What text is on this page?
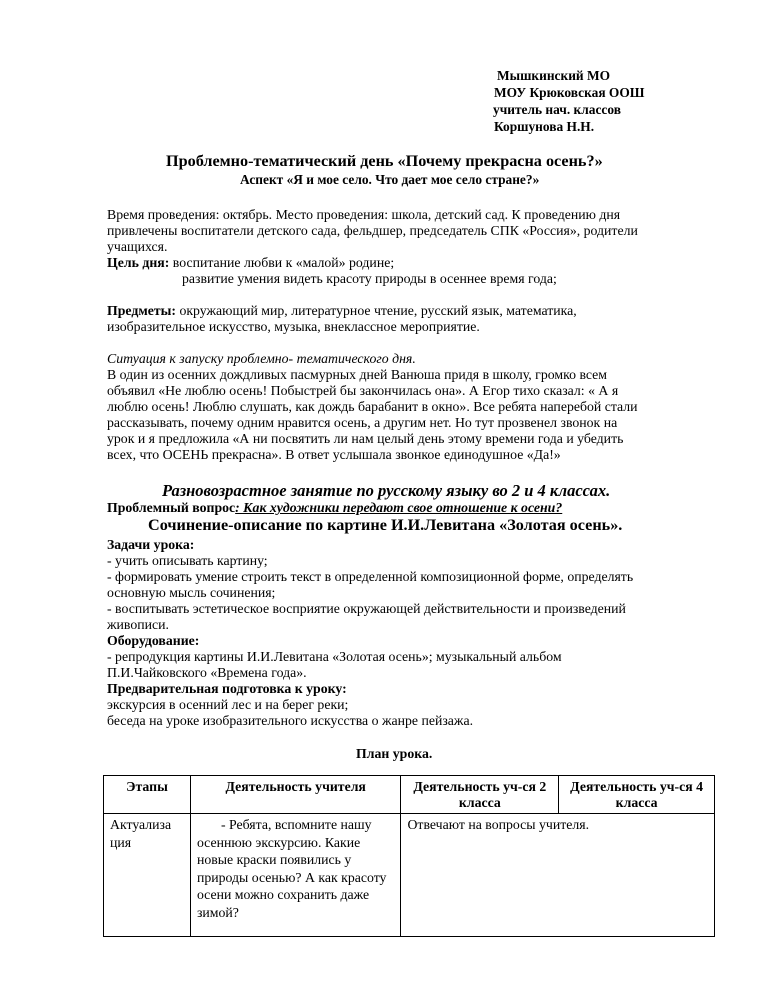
Мышкинский МО
МОУ Крюковская ООШ
учитель нач. классов
Коршунова Н.Н.
Проблемно-тематический день «Почему прекрасна осень?»
Аспект «Я и мое село. Что дает мое село стране?»
Время проведения: октябрь. Место проведения: школа, детский сад. К проведению дня
привлечены воспитатели детского сада, фельдшер, председатель СПК «Россия», родители
учащихся.
Цель дня: воспитание любви к «малой» родине;
развитие умения видеть красоту природы в осеннее время года;
Предметы: окружающий мир, литературное чтение, русский язык, математика,
изобразительное искусство, музыка, внеклассное мероприятие.
Ситуация к запуску проблемно- тематического дня.
В один из осенних дождливых пасмурных дней Ванюша придя в школу, громко всем
объявил «Не люблю осень! Побыстрей бы закончилась она». А Егор тихо сказал: « А я
люблю осень! Люблю слушать, как дождь барабанит в окно». Все ребята наперебой стали
рассказывать, почему одним нравится осень, а другим нет. Но тут прозвенел звонок на
урок и я предложила «А ни посвятить ли нам целый день этому времени года и убедить
всех, что ОСЕНЬ прекрасна». В ответ услышала звонкое единодушное «Да!»
Разновозрастное занятие по русскому языку во 2 и 4 классах.
Проблемный вопрос: Как художники передают свое отношение к осени?
Сочинение-описание по картине И.И.Левитана «Золотая осень».
Задачи урока:
- учить описывать картину;
- формировать умение строить текст в определенной композиционной форме, определять
основную мысль сочинения;
- воспитывать эстетическое восприятие окружающей действительности и произведений
живописи.
Оборудование:
- репродукция картины И.И.Левитана «Золотая осень»; музыкальный альбом
П.И.Чайковского «Времена года».
Предварительная подготовка к уроку:
экскурсия в осенний лес и на берег реки;
беседа на уроке изобразительного искусства о жанре пейзажа.
План урока.
Этапы	Деятельность учителя	Деятельность уч-ся 2 класса	Деятельность уч-ся 4 класса
Актуализа ция	- Ребята, вспомните нашу осеннюю экскурсию. Какие новые краски появились у природы осенью? А как красоту осени можно сохранить даже зимой?	Отвечают на вопросы учителя.	
